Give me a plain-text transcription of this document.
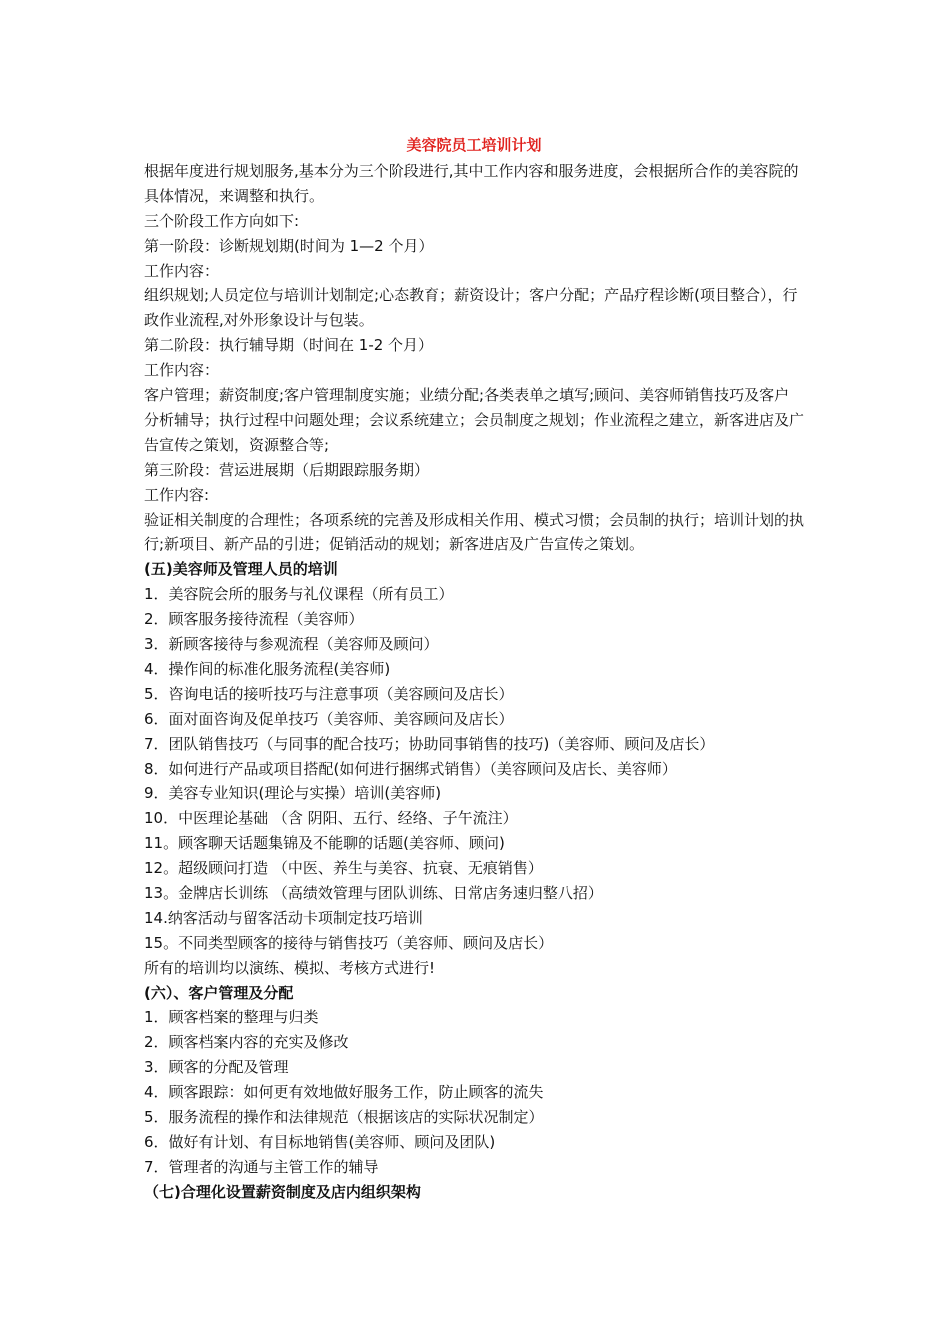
美容院员工培训计划

根据年度进行规划服务,基本分为三个阶段进行,其中工作内容和服务进度，会根据所合作的美容院的具体情况，来调整和执行。

三个阶段工作方向如下:

第一阶段：诊断规划期(时间为 1—2 个月）

工作内容：

组织规划;人员定位与培训计划制定;心态教育；薪资设计；客户分配；产品疗程诊断(项目整合），行政作业流程,对外形象设计与包装。

第二阶段：执行辅导期（时间在 1-2 个月）

工作内容：

客户管理；薪资制度;客户管理制度实施；业绩分配;各类表单之填写;顾问、美容师销售技巧及客户分析辅导；执行过程中问题处理；会议系统建立；会员制度之规划；作业流程之建立，新客进店及广告宣传之策划，资源整合等;

第三阶段：营运进展期（后期跟踪服务期）

工作内容:

验证相关制度的合理性；各项系统的完善及形成相关作用、模式习惯；会员制的执行；培训计划的执行;新项目、新产品的引进；促销活动的规划；新客进店及广告宣传之策划。

(五)美容师及管理人员的培训

1．美容院会所的服务与礼仪课程（所有员工）
2．顾客服务接待流程（美容师）
3．新顾客接待与参观流程（美容师及顾问）
4．操作间的标准化服务流程(美容师)
5．咨询电话的接听技巧与注意事项（美容顾问及店长）
6．面对面咨询及促单技巧（美容师、美容顾问及店长）
7．团队销售技巧（与同事的配合技巧；协助同事销售的技巧)（美容师、顾问及店长）
8．如何进行产品或项目搭配(如何进行捆绑式销售）（美容顾问及店长、美容师）
9．美容专业知识(理论与实操）培训(美容师)
10．中医理论基础 （含 阴阳、五行、经络、子午流注）
11。顾客聊天话题集锦及不能聊的话题(美容师、顾问)
12。超级顾问打造 （中医、养生与美容、抗衰、无痕销售）
13。金牌店长训练 （高绩效管理与团队训练、日常店务速归整八招）
14.纳客活动与留客活动卡项制定技巧培训
15。不同类型顾客的接待与销售技巧（美容师、顾问及店长）

所有的培训均以演练、模拟、考核方式进行!

(六）、客户管理及分配

1．顾客档案的整理与归类
2．顾客档案内容的充实及修改
3．顾客的分配及管理
4．顾客跟踪：如何更有效地做好服务工作，防止顾客的流失
5．服务流程的操作和法律规范（根据该店的实际状况制定）
6．做好有计划、有目标地销售(美容师、顾问及团队)
7．管理者的沟通与主管工作的辅导

（七)合理化设置薪资制度及店内组织架构
